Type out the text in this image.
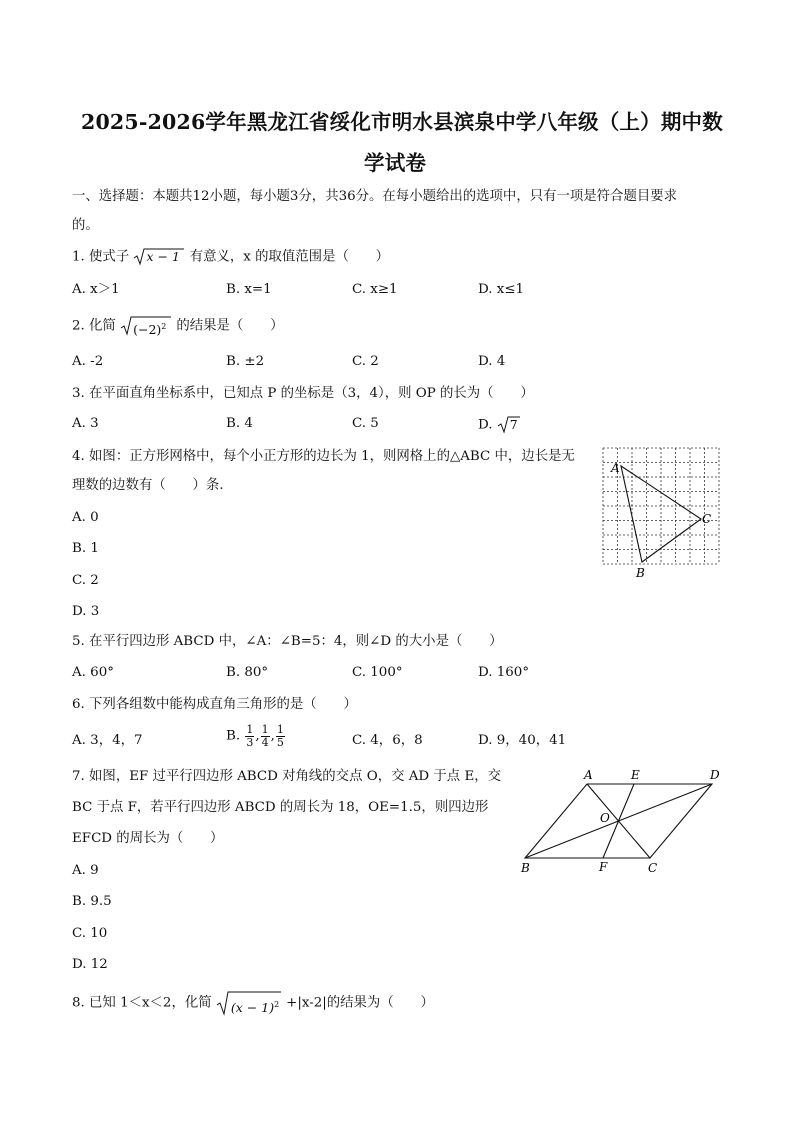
2025-2026学年黑龙江省绥化市明水县滨泉中学八年级（上）期中数
学试卷
一、选择题：本题共12小题，每小题3分，共36分。在每小题给出的选项中，只有一项是符合题目要求
的。
1. 使式子 x − 1 有意义，x 的取值范围是（　　）
A. x＞1	B. x=1	C. x≥1	D. x≤1
2. 化简 $(-2)^2$ 的结果是（　　）
A. -2	B. ±2	C. 2	D. 4
3. 在平面直角坐标系中，已知点 P 的坐标是（3，4），则 OP 的长为（　　）
A. 3	B. 4	C. 5	D. 7
4. 如图：正方形网格中，每个小正方形的边长为 1，则网格上的△ABC 中，边长是无
理数的边数有（　　）条.
A. 0
B. 1
C. 2
D. 3
A
B
C
5. 在平行四边形 ABCD 中，∠A：∠B=5：4，则∠D 的大小是（　　）
A. 60°	B. 80°	C. 100°	D. 160°
6. 下列各组数中能构成直角三角形的是（　　）
A. 3，4，7	B. $\frac{1}{3}$ , $\frac{1}{4}$ , $\frac{1}{5}$	C. 4，6，8	D. 9，40，41
7. 如图，EF 过平行四边形 ABCD 对角线的交点 O，交 AD 于点 E，交
BC 于点 F，若平行四边形 ABCD 的周长为 18，OE=1.5，则四边形
EFCD 的周长为（　　）
A. 9
B. 9.5
C. 10
D. 12
A	E	D
O
B	F	C
8. 已知 1＜x＜2，化简 $(x - 1)^2 +|x-2|$的结果为（　　）
